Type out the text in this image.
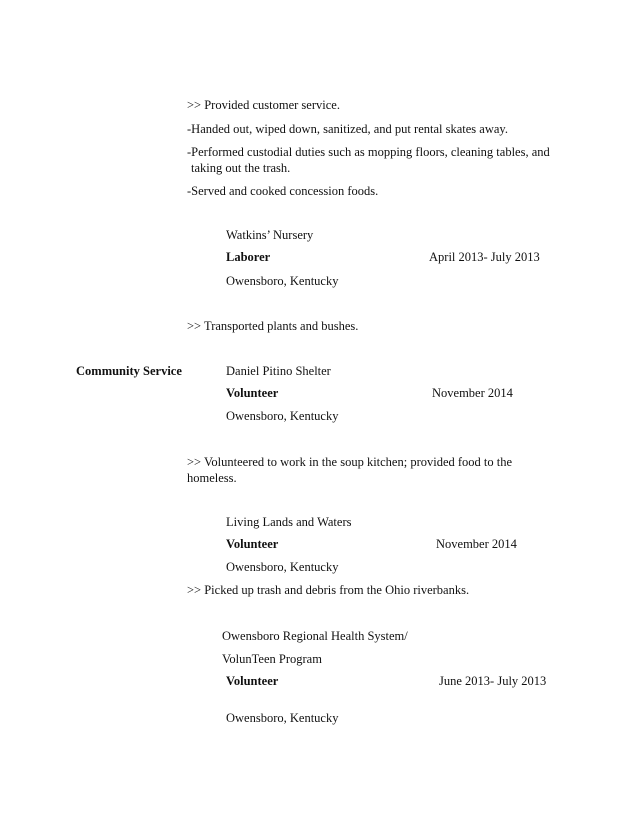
>> Provided customer service.
-Handed out, wiped down, sanitized, and put rental skates away.
-Performed custodial duties such as mopping floors, cleaning tables, and
taking out the trash.
-Served and cooked concession foods.
Watkins’ Nursery
Laborer	April 2013- July 2013
Owensboro, Kentucky
>> Transported plants and bushes.
Community Service	Daniel Pitino Shelter
Volunteer	November 2014
Owensboro, Kentucky
>> Volunteered to work in the soup kitchen; provided food to the
homeless.
Living Lands and Waters
Volunteer	November 2014
Owensboro, Kentucky
>> Picked up trash and debris from the Ohio riverbanks.
Owensboro Regional Health System/
VolunTeen Program
Volunteer	June 2013- July 2013
Owensboro, Kentucky
